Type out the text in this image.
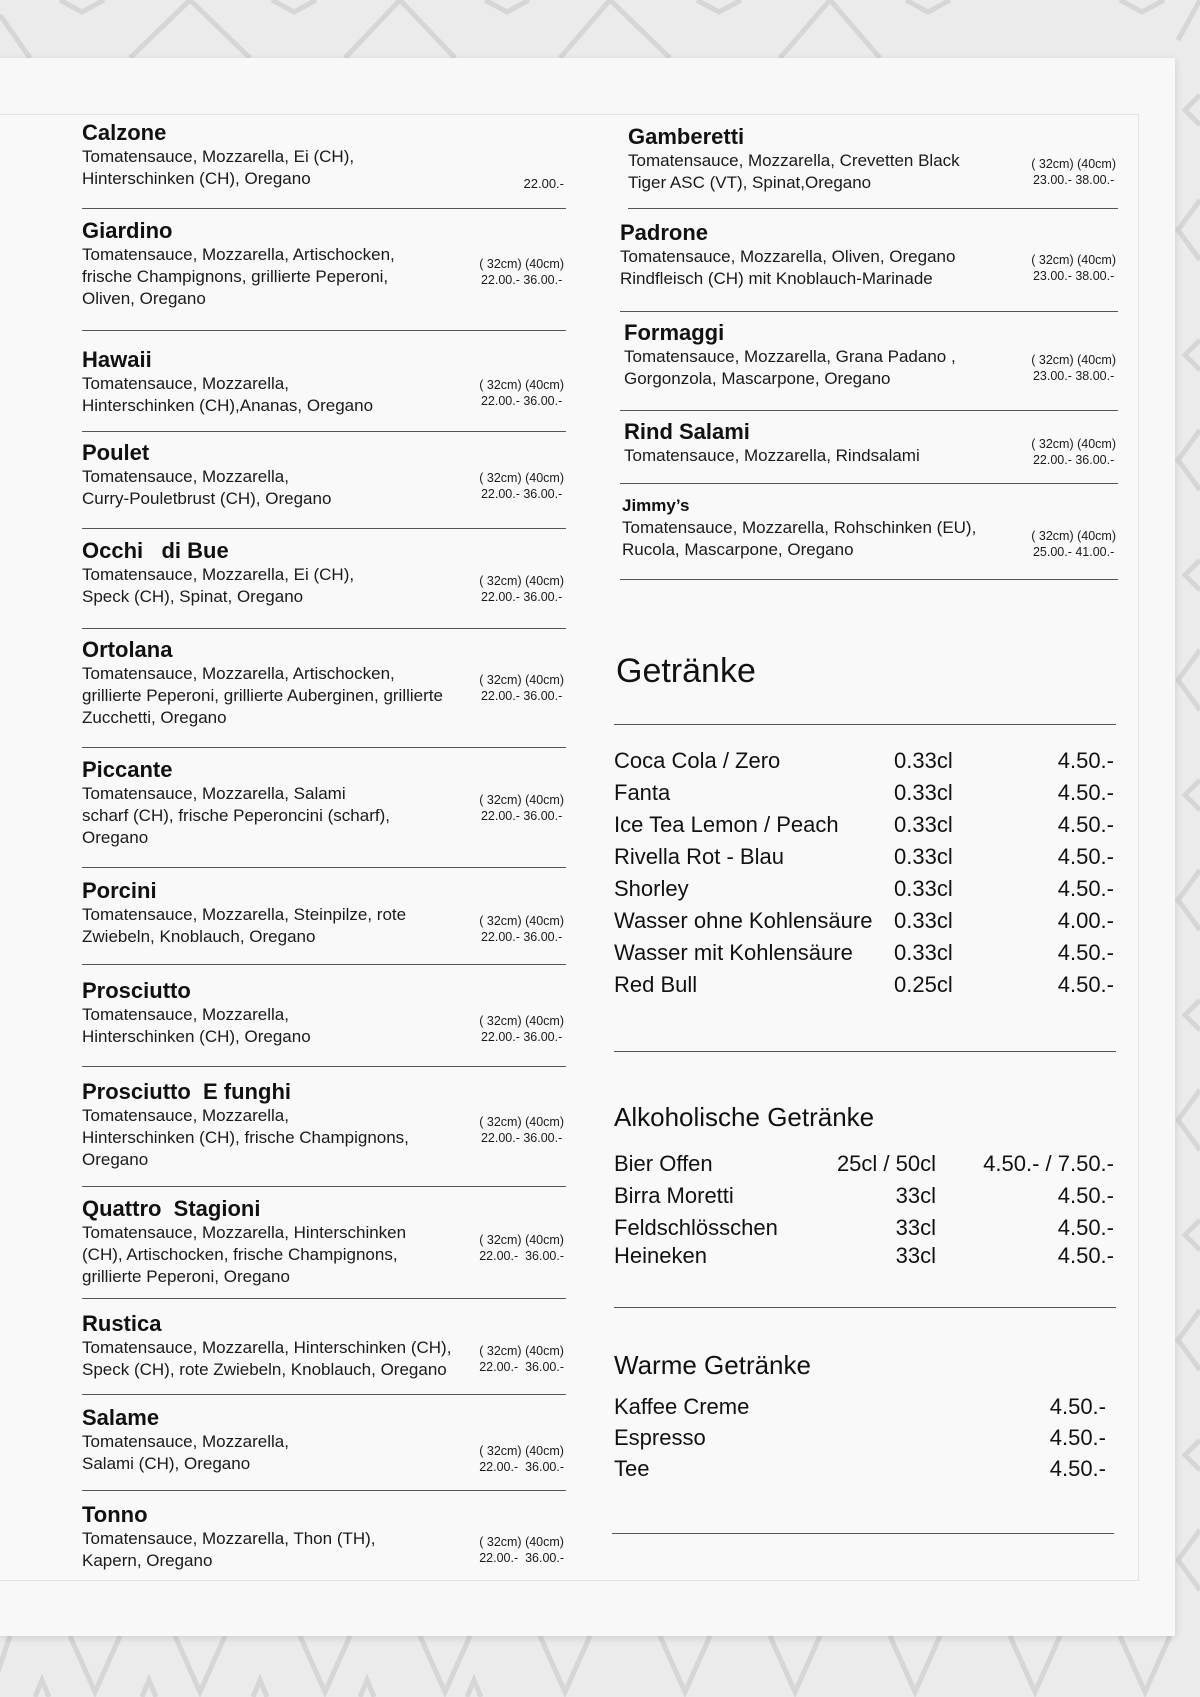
Calzone
Tomatensauce, Mozzarella, Ei (CH),
Hinterschinken (CH), Oregano	22.00.-
Giardino
Tomatensauce, Mozzarella, Artischocken,
frische Champignons, grillierte Peperoni,
Oliven, Oregano
( 32cm) (40cm)
22.00.- 36.00.-
Hawaii
Tomatensauce, Mozzarella,
Hinterschinken (CH),Ananas, Oregano
( 32cm) (40cm)
22.00.- 36.00.-
Poulet
Tomatensauce, Mozzarella,
Curry-Pouletbrust (CH), Oregano
( 32cm) (40cm)
22.00.- 36.00.-
Occhi   di Bue
Tomatensauce, Mozzarella, Ei (CH),
Speck (CH), Spinat, Oregano
( 32cm) (40cm)
22.00.- 36.00.-
Ortolana
Tomatensauce, Mozzarella, Artischocken,
grillierte Peperoni, grillierte Auberginen, grillierte
Zucchetti, Oregano
( 32cm) (40cm)
22.00.- 36.00.-
Piccante
Tomatensauce, Mozzarella, Salami
scharf (CH), frische Peperoncini (scharf),
Oregano
( 32cm) (40cm)
22.00.- 36.00.-
Porcini
Tomatensauce, Mozzarella, Steinpilze, rote
Zwiebeln, Knoblauch, Oregano
( 32cm) (40cm)
22.00.- 36.00.-
Prosciutto
Tomatensauce, Mozzarella,
Hinterschinken (CH), Oregano
( 32cm) (40cm)
22.00.- 36.00.-
Prosciutto  E funghi
Tomatensauce, Mozzarella,
Hinterschinken (CH), frische Champignons,
Oregano
( 32cm) (40cm)
22.00.- 36.00.-
Quattro  Stagioni
Tomatensauce, Mozzarella, Hinterschinken
(CH), Artischocken, frische Champignons,
grillierte Peperoni, Oregano
( 32cm) (40cm)
22.00.-  36.00.-
Rustica
Tomatensauce, Mozzarella, Hinterschinken (CH),
Speck (CH), rote Zwiebeln, Knoblauch, Oregano
( 32cm) (40cm)
22.00.-  36.00.-
Salame
Tomatensauce, Mozzarella,
Salami (CH), Oregano
( 32cm) (40cm)
22.00.-  36.00.-
Tonno
Tomatensauce, Mozzarella, Thon (TH),
Kapern, Oregano
( 32cm) (40cm)
22.00.-  36.00.-
Gamberetti
Tomatensauce, Mozzarella, Crevetten Black
Tiger ASC (VT), Spinat,Oregano
( 32cm) (40cm)
23.00.- 38.00.-
Padrone
Tomatensauce, Mozzarella, Oliven, Oregano
Rindfleisch (CH) mit Knoblauch-Marinade
( 32cm) (40cm)
23.00.- 38.00.-
Formaggi
Tomatensauce, Mozzarella, Grana Padano ,
Gorgonzola, Mascarpone, Oregano
( 32cm) (40cm)
23.00.- 38.00.-
Rind Salami
Tomatensauce, Mozzarella, Rindsalami
( 32cm) (40cm)
22.00.- 36.00.-
Jimmy’s
Tomatensauce, Mozzarella, Rohschinken (EU),
Rucola, Mascarpone, Oregano
( 32cm) (40cm)
25.00.- 41.00.-
Getränke
Coca Cola / Zero	0.33cl	4.50.-
Fanta	0.33cl	4.50.-
Ice Tea Lemon / Peach	0.33cl	4.50.-
Rivella Rot - Blau	0.33cl	4.50.-
Shorley	0.33cl	4.50.-
Wasser ohne Kohlensäure 0.33cl	4.00.-
Wasser mit Kohlensäure 0.33cl	4.50.-
Red Bull	0.25cl	4.50.-
Alkoholische Getränke
Bier Offen	25cl / 50cl 4.50.- / 7.50.-
Birra Moretti	33cl	4.50.-
Feldschlösschen	33cl	4.50.-
Heineken	33cl	4.50.-
Warme Getränke
Kaffee Creme	4.50.-
Espresso	4.50.-
Tee	4.50.-
